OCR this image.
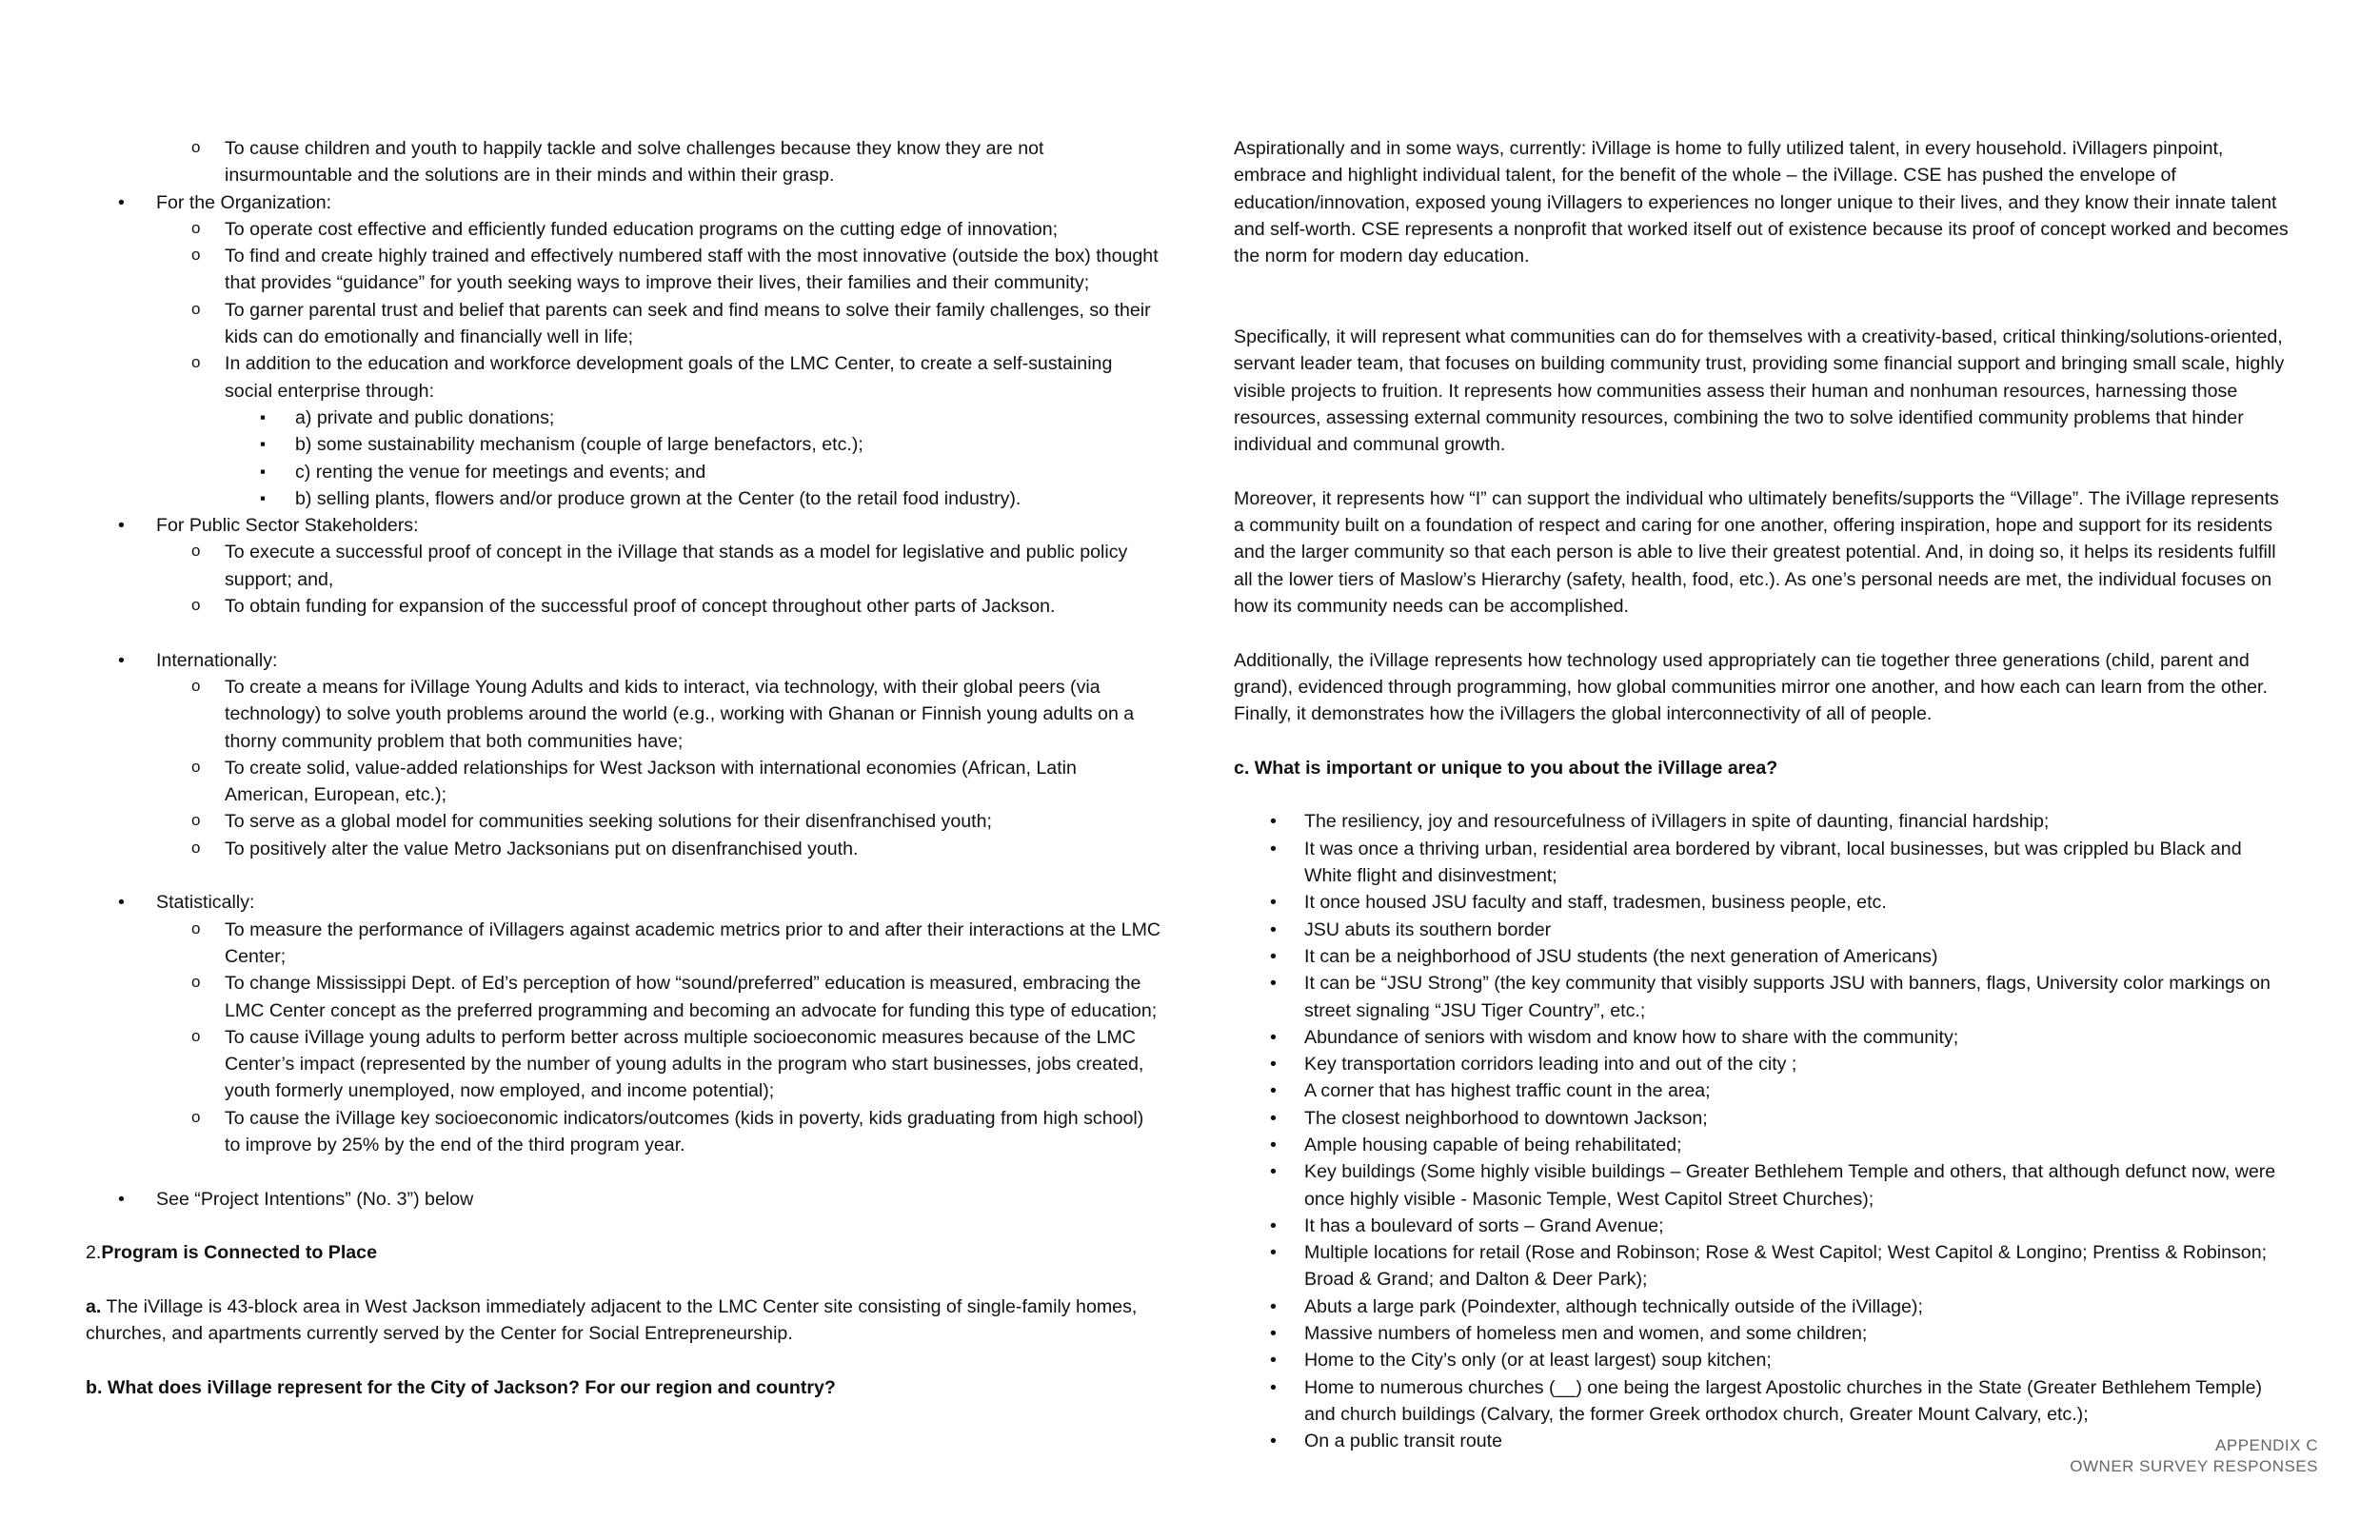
o To cause children and youth to happily tackle and solve challenges because they know they are not insurmountable and the solutions are in their minds and within their grasp.
• For the Organization:
o To operate cost effective and efficiently funded education programs on the cutting edge of innovation;
o To find and create highly trained and effectively numbered staff with the most innovative (outside the box) thought that provides “guidance” for youth seeking ways to improve their lives, their families and their community;
o To garner parental trust and belief that parents can seek and find means to solve their family challenges, so their kids can do emotionally and financially well in life;
o In addition to the education and workforce development goals of the LMC Center, to create a self-sustaining social enterprise through:
▪ a) private and public donations;
▪ b) some sustainability mechanism (couple of large benefactors, etc.);
▪ c) renting the venue for meetings and events; and
▪ b) selling plants, flowers and/or produce grown at the Center (to the retail food industry).
• For Public Sector Stakeholders:
o To execute a successful proof of concept in the iVillage that stands as a model for legislative and public policy support; and,
o To obtain funding for expansion of the successful proof of concept throughout other parts of Jackson.
• Internationally:
o To create a means for iVillage Young Adults and kids to interact, via technology, with their global peers (via technology) to solve youth problems around the world (e.g., working with Ghanan or Finnish young adults on a thorny community problem that both communities have;
o To create solid, value-added relationships for West Jackson with international economies (African, Latin American, European, etc.);
o To serve as a global model for communities seeking solutions for their disenfranchised youth;
o To positively alter the value Metro Jacksonians put on disenfranchised youth.
• Statistically:
o To measure the performance of iVillagers against academic metrics prior to and after their interactions at the LMC Center;
o To change Mississippi Dept. of Ed’s perception of how “sound/preferred” education is measured, embracing the LMC Center concept as the preferred programming and becoming an advocate for funding this type of education;
o To cause iVillage young adults to perform better across multiple socioeconomic measures because of the LMC Center’s impact (represented by the number of young adults in the program who start businesses, jobs created, youth formerly unemployed, now employed, and income potential);
o To cause the iVillage key socioeconomic indicators/outcomes (kids in poverty, kids graduating from high school) to improve by 25% by the end of the third program year.
• See “Project Intentions” (No. 3”) below

2.Program is Connected to Place

a. The iVillage is 43-block area in West Jackson immediately adjacent to the LMC Center site consisting of single-family homes, churches, and apartments currently served by the Center for Social Entrepreneurship.

b. What does iVillage represent for the City of Jackson? For our region and country?

Aspirationally and in some ways, currently: iVillage is home to fully utilized talent, in every household. iVillagers pinpoint, embrace and highlight individual talent, for the benefit of the whole – the iVillage. CSE has pushed the envelope of education/innovation, exposed young iVillagers to experiences no longer unique to their lives, and they know their innate talent and self-worth. CSE represents a nonprofit that worked itself out of existence because its proof of concept worked and becomes the norm for modern day education.

Specifically, it will represent what communities can do for themselves with a creativity-based, critical thinking/solutions-oriented, servant leader team, that focuses on building community trust, providing some financial support and bringing small scale, highly visible projects to fruition. It represents how communities assess their human and nonhuman resources, harnessing those resources, assessing external community resources, combining the two to solve identified community problems that hinder individual and communal growth.

Moreover, it represents how “I” can support the individual who ultimately benefits/supports the “Village”. The iVillage represents a community built on a foundation of respect and caring for one another, offering inspiration, hope and support for its residents and the larger community so that each person is able to live their greatest potential. And, in doing so, it helps its residents fulfill all the lower tiers of Maslow’s Hierarchy (safety, health, food, etc.). As one’s personal needs are met, the individual focuses on how its community needs can be accomplished.

Additionally, the iVillage represents how technology used appropriately can tie together three generations (child, parent and grand), evidenced through programming, how global communities mirror one another, and how each can learn from the other. Finally, it demonstrates how the iVillagers the global interconnectivity of all of people.

c. What is important or unique to you about the iVillage area?

• The resiliency, joy and resourcefulness of iVillagers in spite of daunting, financial hardship;
• It was once a thriving urban, residential area bordered by vibrant, local businesses, but was crippled bu Black and White flight and disinvestment;
• It once housed JSU faculty and staff, tradesmen, business people, etc.
• JSU abuts its southern border
• It can be a neighborhood of JSU students (the next generation of Americans)
• It can be “JSU Strong” (the key community that visibly supports JSU with banners, flags, University color markings on street signaling “JSU Tiger Country”, etc.;
• Abundance of seniors with wisdom and know how to share with the community;
• Key transportation corridors leading into and out of the city ;
• A corner that has highest traffic count in the area;
• The closest neighborhood to downtown Jackson;
• Ample housing capable of being rehabilitated;
• Key buildings (Some highly visible buildings – Greater Bethlehem Temple and others, that although defunct now, were once highly visible - Masonic Temple, West Capitol Street Churches);
• It has a boulevard of sorts – Grand Avenue;
• Multiple locations for retail (Rose and Robinson; Rose & West Capitol; West Capitol & Longino; Prentiss & Robinson; Broad & Grand; and Dalton & Deer Park);
• Abuts a large park (Poindexter, although technically outside of the iVillage);
• Massive numbers of homeless men and women, and some children;
• Home to the City’s only (or at least largest) soup kitchen;
• Home to numerous churches (__) one being the largest Apostolic churches in the State (Greater Bethlehem Temple) and church buildings (Calvary, the former Greek orthodox church, Greater Mount Calvary, etc.);
• On a public transit route	APPENDIX C
OWNER SURVEY RESPONSES
